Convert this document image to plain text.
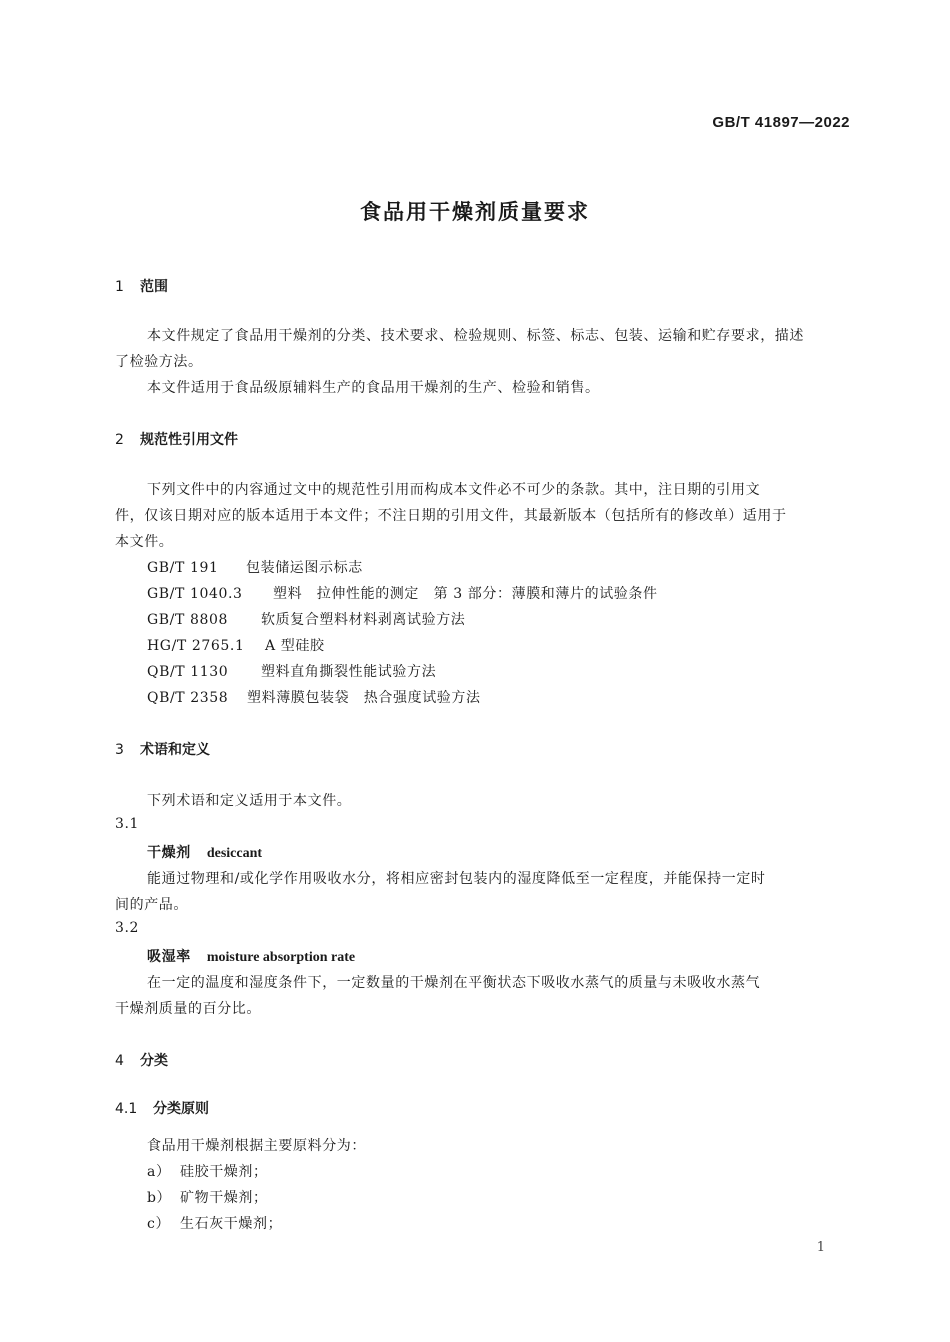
GB/T 41897—2022
食品用干燥剂质量要求
1 范围
本文件规定了食品用干燥剂的分类、技术要求、检验规则、标签、标志、包装、运输和贮存要求，描述
了检验方法。
本文件适用于食品级原辅料生产的食品用干燥剂的生产、检验和销售。
2 规范性引用文件
下列文件中的内容通过文中的规范性引用而构成本文件必不可少的条款。其中，注日期的引用文
件，仅该日期对应的版本适用于本文件；不注日期的引用文件，其最新版本（包括所有的修改单）适用于
本文件。
GB/T 191 包装储运图示标志
GB/T 1040.3 塑料　拉伸性能的测定　第 3 部分：薄膜和薄片的试验条件
GB/T 8808 软质复合塑料材料剥离试验方法
HG/T 2765.1 A 型硅胶
QB/T 1130 塑料直角撕裂性能试验方法
QB/T 2358 塑料薄膜包装袋　热合强度试验方法
3 术语和定义
下列术语和定义适用于本文件。
3.1
干燥剂 desiccant
能通过物理和/或化学作用吸收水分，将相应密封包装内的湿度降低至一定程度，并能保持一定时
间的产品。
3.2
吸湿率 moisture absorption rate
在一定的温度和湿度条件下，一定数量的干燥剂在平衡状态下吸收水蒸气的质量与未吸收水蒸气
干燥剂质量的百分比。
4 分类
4.1 分类原则
食品用干燥剂根据主要原料分为：
a） 硅胶干燥剂；
b） 矿物干燥剂；
c） 生石灰干燥剂；
1
